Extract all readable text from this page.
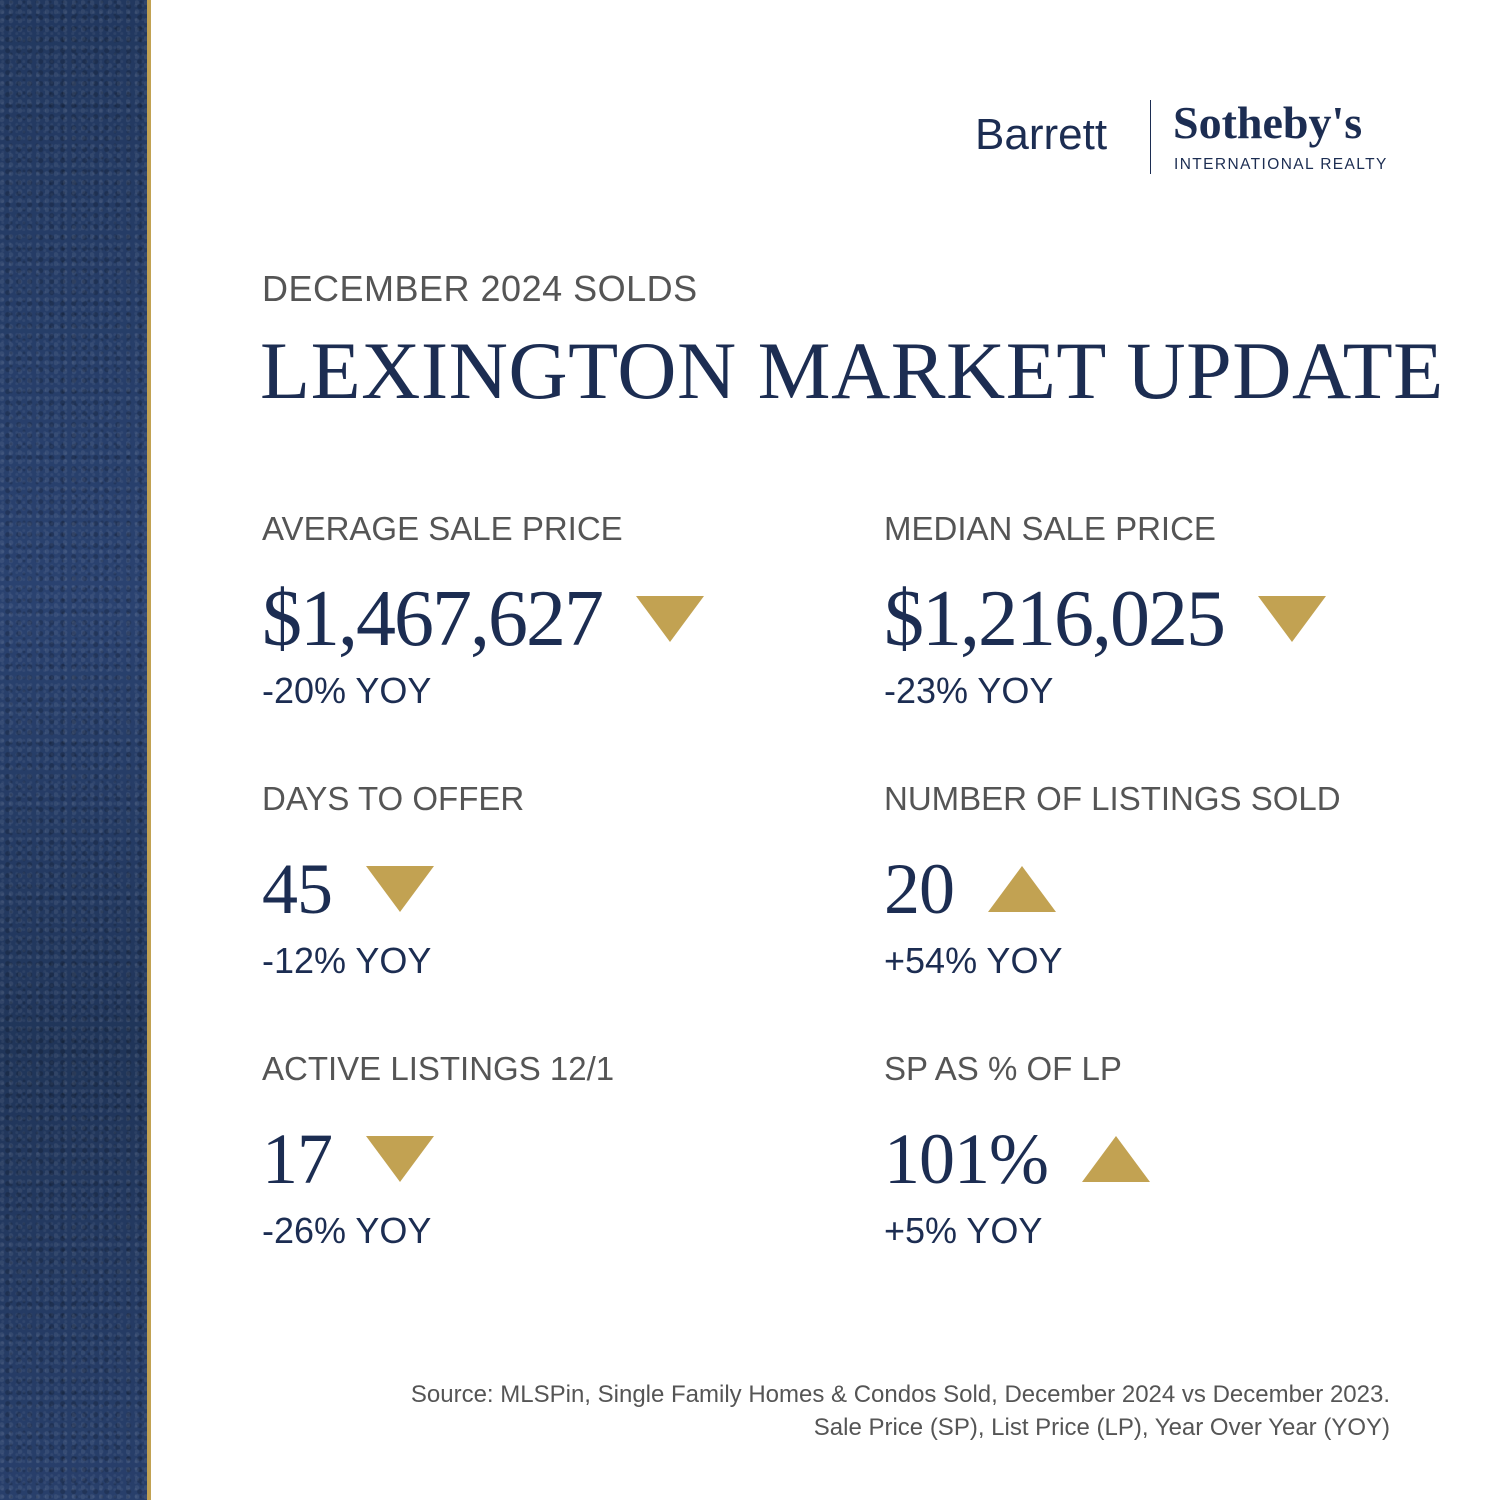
Barrett Sotheby's
INTERNATIONAL REALTY
DECEMBER 2024 SOLDS
LEXINGTON MARKET UPDATE
AVERAGE SALE PRICE
$1,467,627
-20% YOY
MEDIAN SALE PRICE
$1,216,025
-23% YOY
DAYS TO OFFER
45
-12% YOY
NUMBER OF LISTINGS SOLD
20
+54% YOY
ACTIVE LISTINGS 12/1
17
-26% YOY
SP AS % OF LP
101%
+5% YOY
Source: MLSPin, Single Family Homes & Condos Sold, December 2024 vs December 2023.
Sale Price (SP), List Price (LP), Year Over Year (YOY)
